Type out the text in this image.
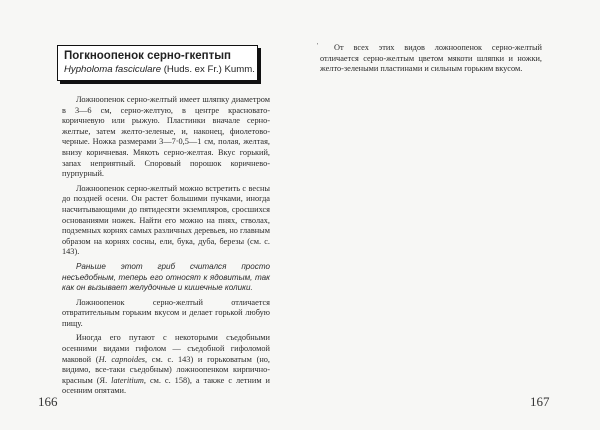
Погкноопенок серно-гкептып
Hypholoma fascicularе (Huds. ex Fr.) Kumm.

Ложноопенок серно-желтый имеет шляпку диаметром в 3—6 см, серно-желтую, в центре красновато-коричневую или рыжую. Пластинки вначале серно-желтые, затем желто-зеленые, и, наконец, фиолетово-черные. Ножка размерами 3—7·0,5—1 см, полая, желтая, внизу коричневая. Мякоть серно-желтая. Вкус горький, запах неприятный. Споровый порошок коричнево-пурпурный.

Ложноопенок серно-желтый можно встретить с весны до поздней осени. Он растет большими пучками, иногда насчитывающими до пятидесяти экземпляров, сросшихся основаниями ножек. Найти его можно на пнях, стволах, подземных корнях самых различных деревьев, но главным образом на корнях сосны, ели, бука, дуба, березы (см. с. 143).

Раньше этот гриб считался просто несъедобным, теперь его относят к ядовитым, так как он вызывает желудочные и кишечные колики.

Ложноопенок серно-желтый отличается отвратительным горьким вкусом и делает горькой любую пищу.

Иногда его путают с некоторыми съедобными осенними видами гифолом — съедобной гифоломой маковой (Н. capnoides, см. с. 143) и горьковатым (но, видимо, все-таки съедобным) ложноопенком кирпично-красным (Я. lateritium, см. с. 158), а также с летним и осенним опятами.

166
'	От всех этих видов ложноопенок серно-желтый отличается серно-желтым цветом мякоти шляпки и ножки, желто-зелеными пластинами и сильным горьким вкусом.

167
